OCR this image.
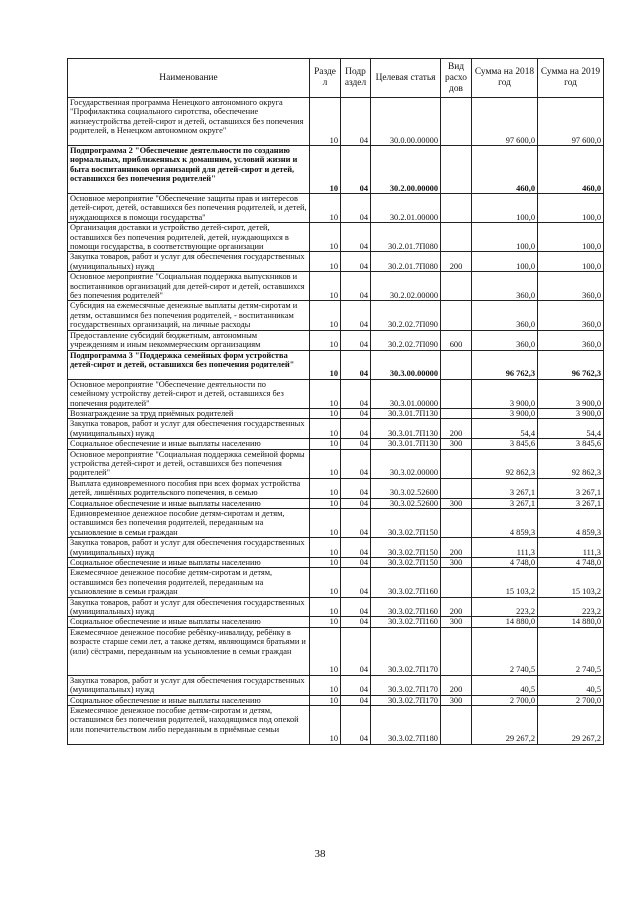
Наименование	Разде л	Подр аздел	Целевая статья	Вид расхо дов	Сумма на 2018 год	Сумма на 2019 год
Государственная программа Ненецкого автономного округа "Профилактика социального сиротства, обеспечение жизнеустройства детей-сирот и детей, оставшихся без попечения родителей, в Ненецком автономном округе"	10	04	30.0.00.00000		97 600,0	97 600,0
Подпрограмма 2 "Обеспечение деятельности по созданию нормальных, приближенных к домашним, условий жизни и быта воспитанников организаций для детей-сирот и детей, оставшихся без попечения родителей"	10	04	30.2.00.00000		460,0	460,0
Основное мероприятие "Обеспечение защиты прав и интересов детей-сирот, детей, оставшихся без попечения родителей, и детей, нуждающихся в помощи государства"	10	04	30.2.01.00000		100,0	100,0
Организация доставки и устройство детей-сирот, детей, оставшихся без попечения родителей, детей, нуждающихся в помощи государства, в соответствующие организации	10	04	30.2.01.7П080		100,0	100,0
Закупка товаров, работ и услуг для обеспечения государственных (муниципальных) нужд	10	04	30.2.01.7П080	200	100,0	100,0
Основное мероприятие "Социальная поддержка выпускников и воспитанников организаций для детей-сирот и детей, оставшихся без попечения родителей"	10	04	30.2.02.00000		360,0	360,0
Субсидия на ежемесячные денежные выплаты детям-сиротам и детям, оставшимся без попечения родителей, - воспитанникам государственных организаций, на личные расходы	10	04	30.2.02.7П090		360,0	360,0
Предоставление субсидий бюджетным, автономным учреждениям и иным некоммерческим организациям	10	04	30.2.02.7П090	600	360,0	360,0
Подпрограмма 3 "Поддержка семейных форм устройства детей-сирот и детей, оставшихся без попечения родителей"	10	04	30.3.00.00000		96 762,3	96 762,3
Основное мероприятие "Обеспечение деятельности по семейному устройству детей-сирот и детей, оставшихся без попечения родителей"	10	04	30.3.01.00000		3 900,0	3 900,0
Вознаграждение за труд приёмных родителей	10	04	30.3.01.7П130		3 900,0	3 900,0
Закупка товаров, работ и услуг для обеспечения государственных (муниципальных) нужд	10	04	30.3.01.7П130	200	54,4	54,4
Социальное обеспечение и иные выплаты населению	10	04	30.3.01.7П130	300	3 845,6	3 845,6
Основное мероприятие "Социальная поддержка семейной формы устройства детей-сирот и детей, оставшихся без попечения родителей"	10	04	30.3.02.00000		92 862,3	92 862,3
Выплата единовременного пособия при всех формах устройства детей, лишённых родительского попечения, в семью	10	04	30.3.02.52600		3 267,1	3 267,1
Социальное обеспечение и иные выплаты населению	10	04	30.3.02.52600	300	3 267,1	3 267,1
Единовременное денежное пособие детям-сиротам и детям, оставшимся без попечения родителей, переданным на усыновление в семьи граждан	10	04	30.3.02.7П150		4 859,3	4 859,3
Закупка товаров, работ и услуг для обеспечения государственных (муниципальных) нужд	10	04	30.3.02.7П150	200	111,3	111,3
Социальное обеспечение и иные выплаты населению	10	04	30.3.02.7П150	300	4 748,0	4 748,0
Ежемесячное денежное пособие детям-сиротам и детям, оставшимся без попечения родителей, переданным на усыновление в семьи граждан	10	04	30.3.02.7П160		15 103,2	15 103,2
Закупка товаров, работ и услуг для обеспечения государственных (муниципальных) нужд	10	04	30.3.02.7П160	200	223,2	223,2
Социальное обеспечение и иные выплаты населению	10	04	30.3.02.7П160	300	14 880,0	14 880,0
Ежемесячное денежное пособие ребёнку-инвалиду, ребёнку в возрасте старше семи лет, а также детям, являющимся братьями и (или) сёстрами, переданным на усыновление в семьи граждан	10	04	30.3.02.7П170		2 740,5	2 740,5
Закупка товаров, работ и услуг для обеспечения государственных (муниципальных) нужд	10	04	30.3.02.7П170	200	40,5	40,5
Социальное обеспечение и иные выплаты населению	10	04	30.3.02.7П170	300	2 700,0	2 700,0
Ежемесячное денежное пособие детям-сиротам и детям, оставшимся без попечения родителей, находящимся под опекой или попечительством либо переданным в приёмные семьи	10	04	30.3.02.7П180		29 267,2	29 267,2
38
